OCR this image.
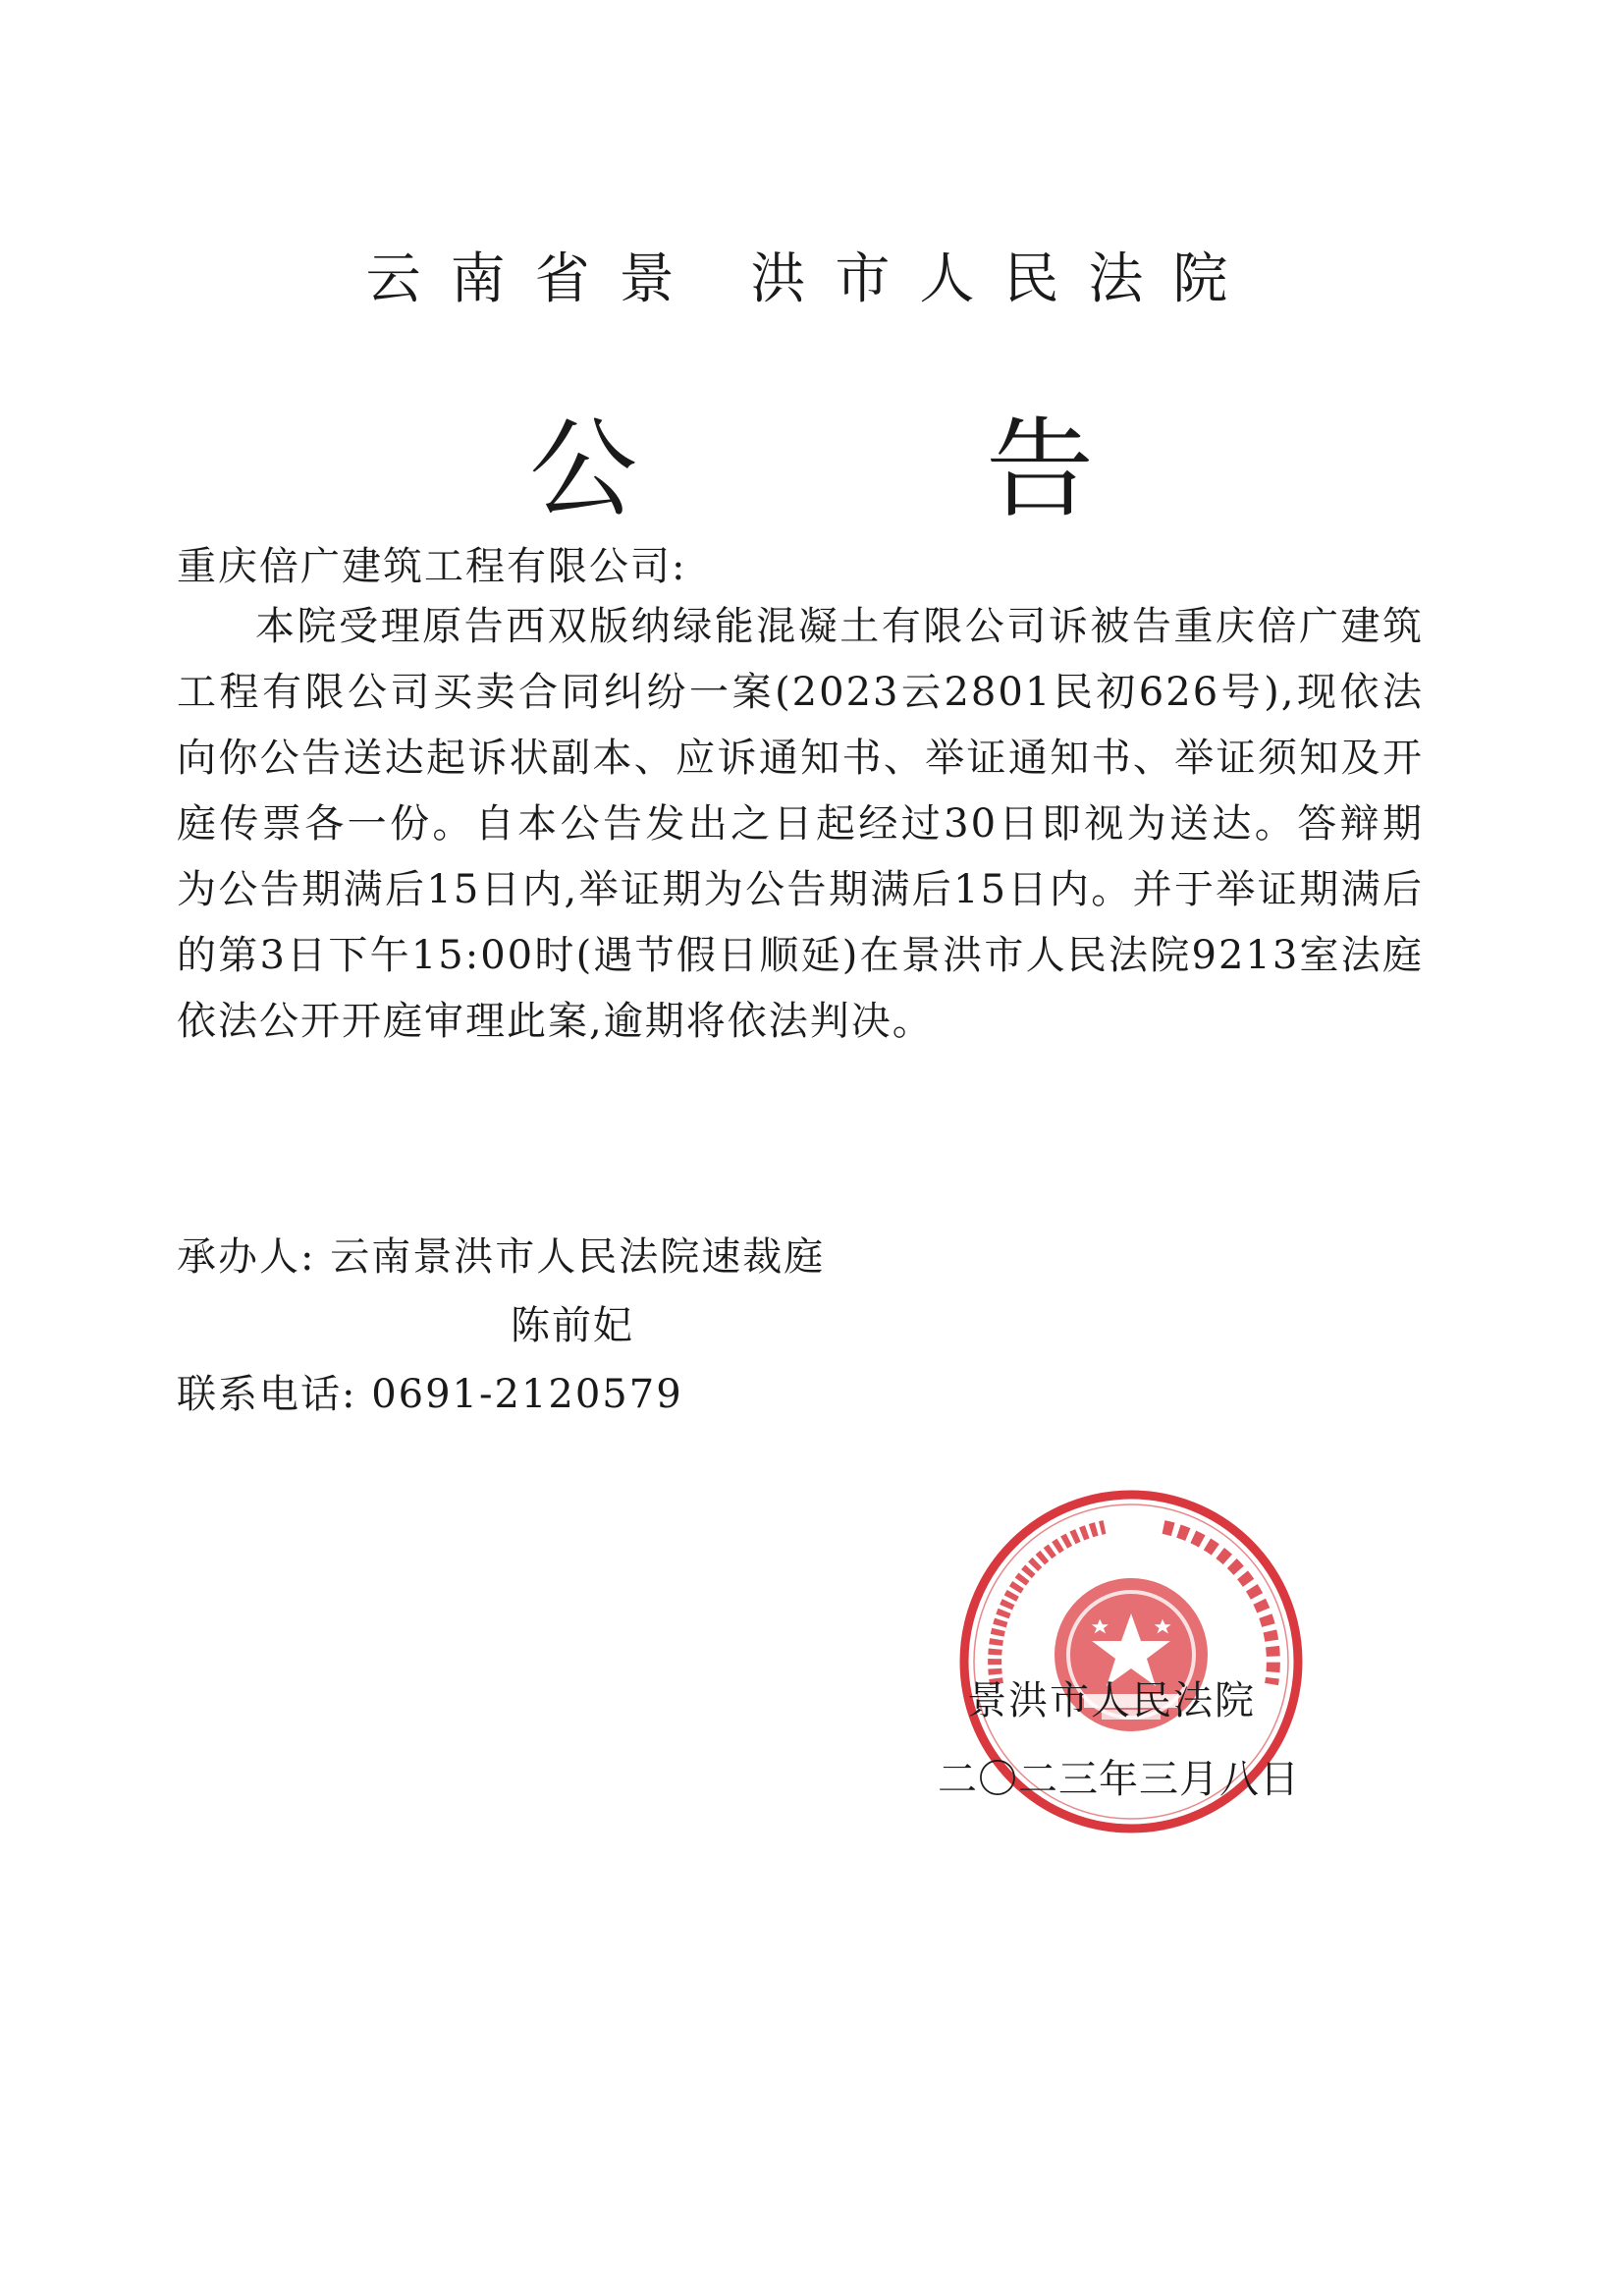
云南省景 洪市人民法院
公 告
重庆倍广建筑工程有限公司:
本院受理原告西双版纳绿能混凝土有限公司诉被告重庆倍广建筑工程有限公司买卖合同纠纷一案(2023云2801民初626号),现依法向你公告送达起诉状副本、应诉通知书、举证通知书、举证须知及开庭传票各一份。自本公告发出之日起经过30日即视为送达。答辩期为公告期满后15日内,举证期为公告期满后15日内。并于举证期满后的第3日下午15:00时(遇节假日顺延)在景洪市人民法院9213室法庭依法公开开庭审理此案,逾期将依法判决。
承办人: 云南景洪市人民法院速裁庭
陈前妃
联系电话: 0691-2120579
景洪市人民法院
二〇二三年三月八日
